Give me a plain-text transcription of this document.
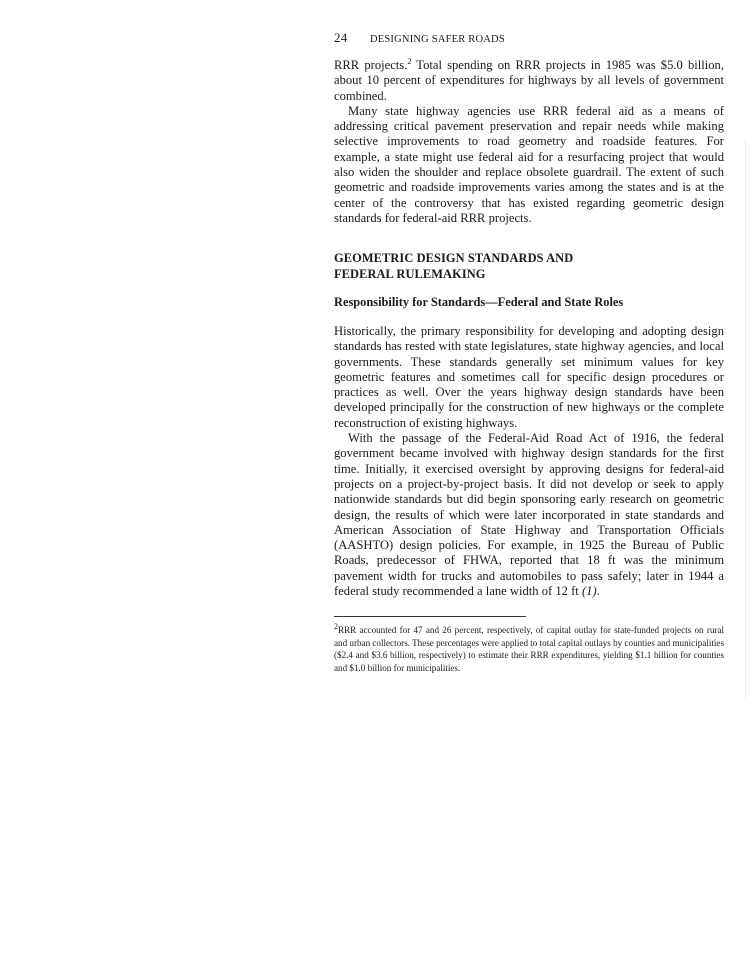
24 DESIGNING SAFER ROADS

RRR projects.$^2$ Total spending on RRR projects in 1985 was $5.0 billion, about 10 percent of expenditures for highways by all levels of government combined.

Many state highway agencies use RRR federal aid as a means of addressing critical pavement preservation and repair needs while making selective improvements to road geometry and roadside features. For example, a state might use federal aid for a resurfacing project that would also widen the shoulder and replace obsolete guardrail. The extent of such geometric and roadside improvements varies among the states and is at the center of the controversy that has existed regarding geometric design standards for federal-aid RRR projects.

GEOMETRIC DESIGN STANDARDS AND
FEDERAL RULEMAKING
Responsibility for Standards—Federal and State Roles

Historically, the primary responsibility for developing and adopting design standards has rested with state legislatures, state highway agencies, and local governments. These standards generally set minimum values for key geometric features and sometimes call for specific design procedures or practices as well. Over the years highway design standards have been developed principally for the construction of new highways or the complete reconstruction of existing highways.

With the passage of the Federal-Aid Road Act of 1916, the federal government became involved with highway design standards for the first time. Initially, it exercised oversight by approving designs for federal-aid projects on a project-by-project basis. It did not develop or seek to apply nationwide standards but did begin sponsoring early research on geometric design, the results of which were later incorporated in state standards and American Association of State Highway and Transportation Officials (AASHTO) design policies. For example, in 1925 the Bureau of Public Roads, predecessor of FHWA, reported that 18 ft was the minimum pavement width for trucks and automobiles to pass safely; later in 1944 a federal study recommended a lane width of 12 ft (1).

2RRR accounted for 47 and 26 percent, respectively, of capital outlay for state-funded projects on rural and urban collectors. These percentages were applied to total capital outlays by counties and municipalities ($2.4 and $3.6 billion, respectively) to estimate their RRR expenditures, yielding $1.1 billion for counties and $1.0 billion for municipalities.
